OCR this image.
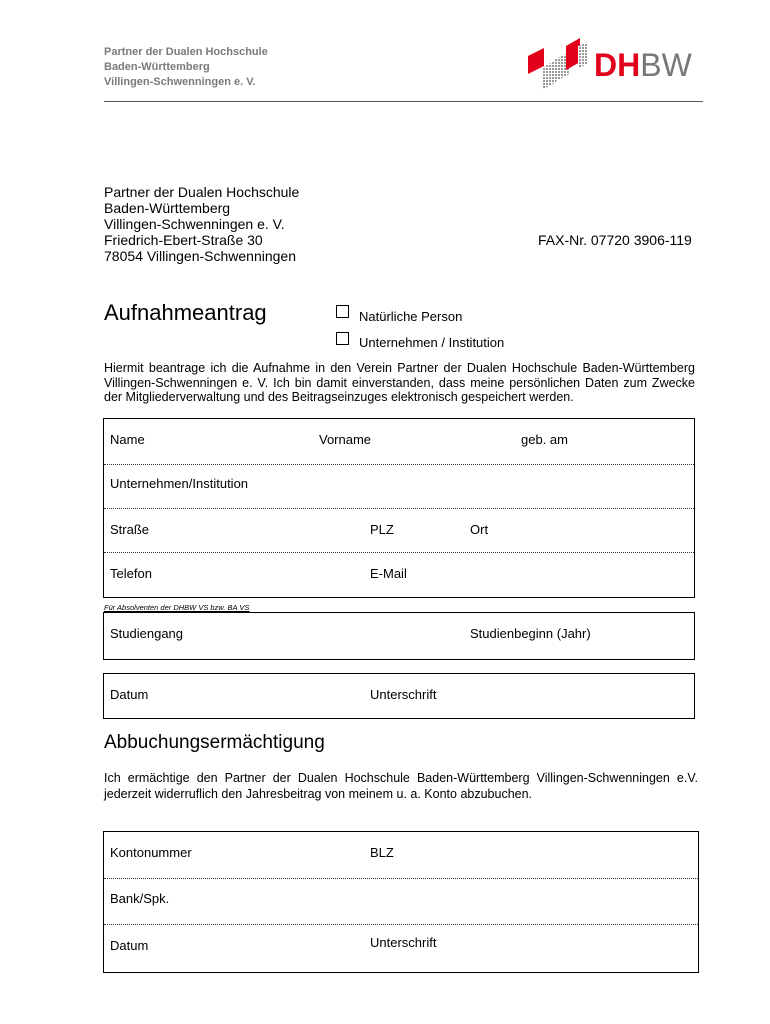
Partner der Dualen Hochschule
Baden-Württemberg
Villingen-Schwenningen e. V.	DHBW
Partner der Dualen Hochschule
Baden-Württemberg
Villingen-Schwenningen e. V.
Friedrich-Ebert-Straße 30
78054 Villingen-Schwenningen
FAX-Nr. 07720 3906-119
Aufnahmeantrag	Natürliche Person
Unternehmen / Institution
Hiermit beantrage ich die Aufnahme in den Verein Partner der Dualen Hochschule Baden-Württemberg Villingen-Schwenningen e. V. Ich bin damit einverstanden, dass meine persönlichen Daten zum Zwecke der Mitgliederverwaltung und des Beitragseinzuges elektronisch gespeichert werden.
Name	Vorname	geb. am
Unternehmen/Institution
Straße	PLZ	Ort
Telefon	E-Mail
Für Absolventen der DHBW VS bzw. BA VS
Studiengang	Studienbeginn (Jahr)
Datum	Unterschrift
Abbuchungsermächtigung
Ich ermächtige den Partner der Dualen Hochschule Baden-Württemberg Villingen-Schwenningen e.V. jederzeit widerruflich den Jahresbeitrag von meinem u. a. Konto abzubuchen.
Kontonummer	BLZ
Bank/Spk.
Datum	Unterschrift
